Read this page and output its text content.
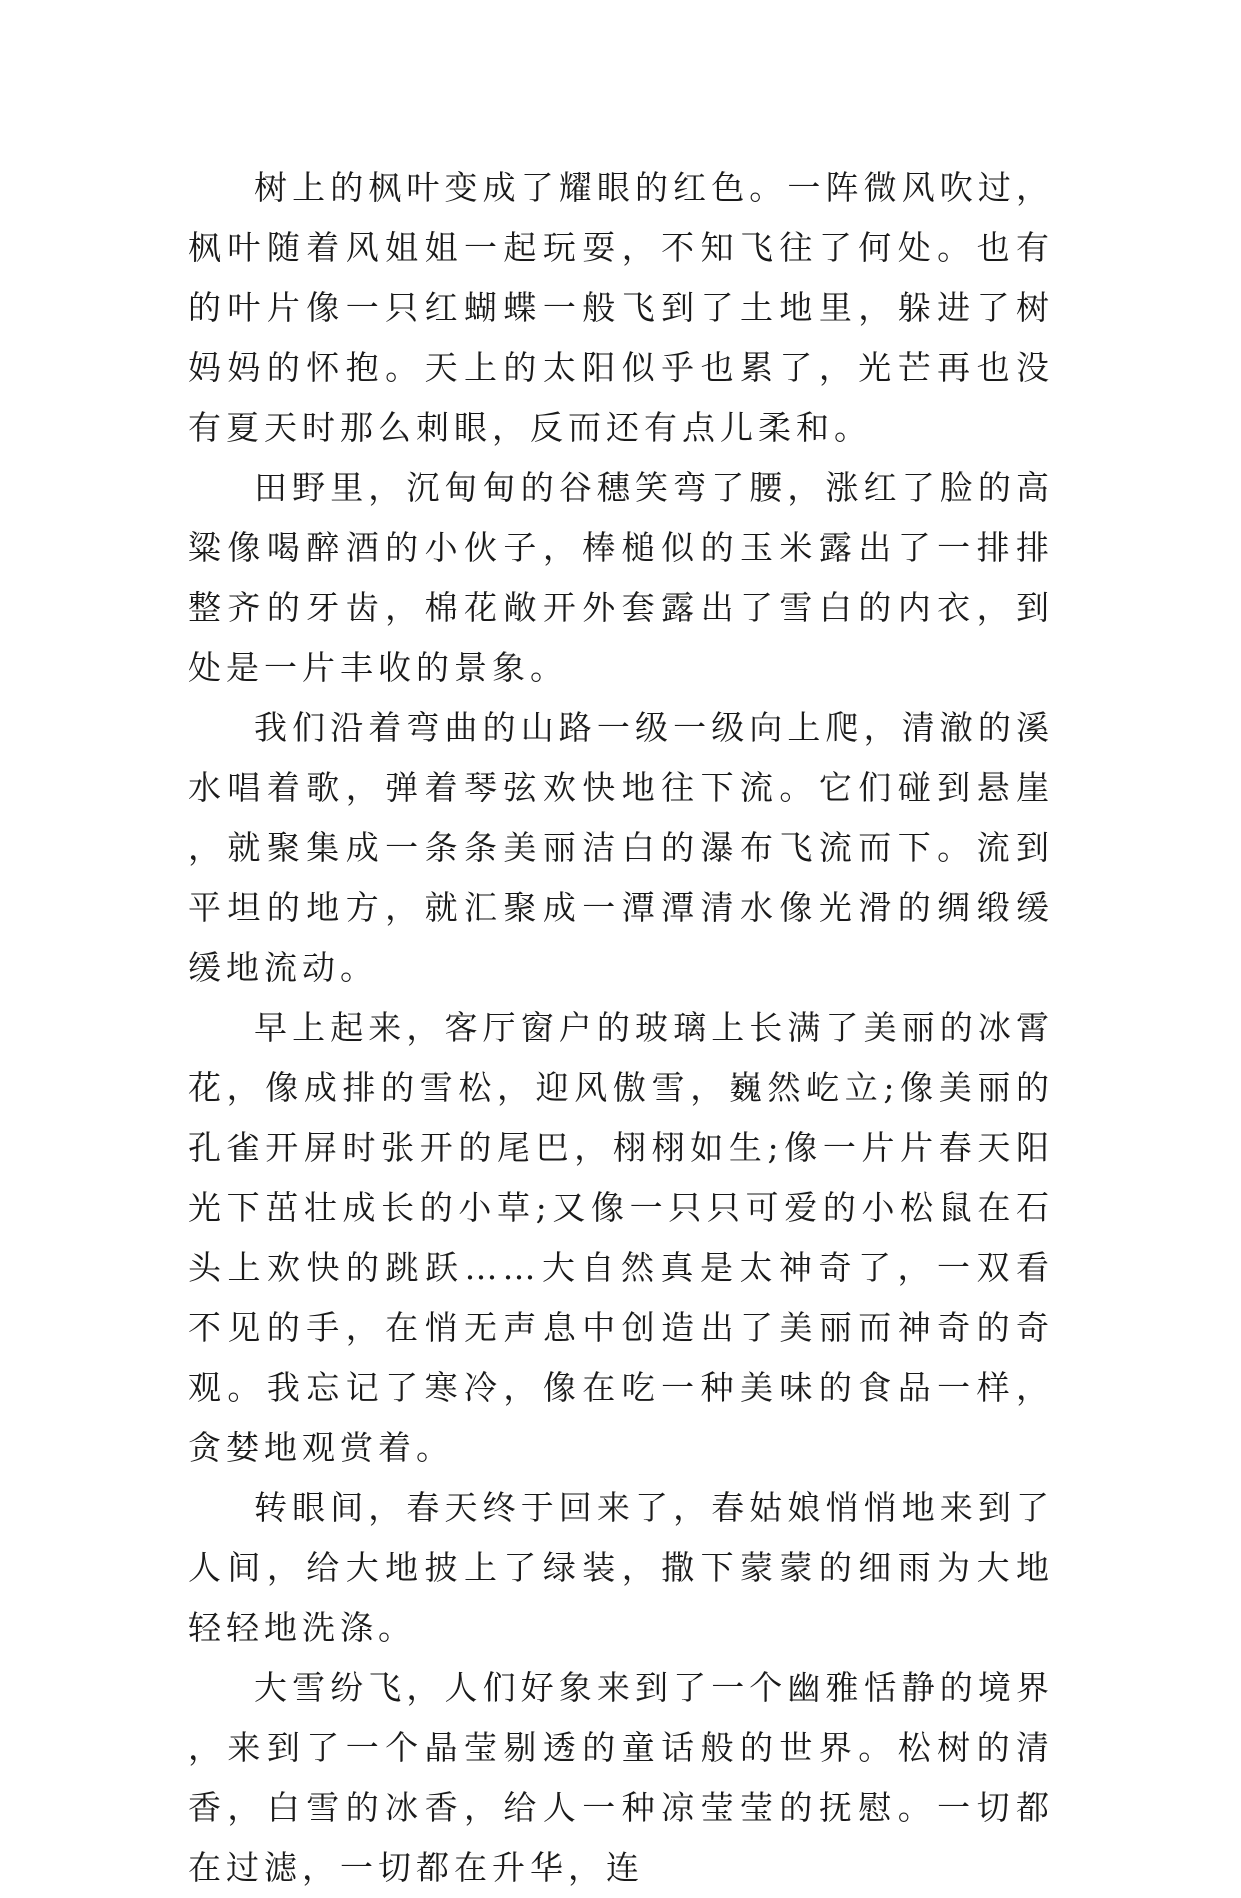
树上的枫叶变成了耀眼的红色。一阵微风吹过，枫叶随着风姐姐一起玩耍，不知飞往了何处。也有的叶片像一只红蝴蝶一般飞到了土地里，躲进了树妈妈的怀抱。天上的太阳似乎也累了，光芒再也没有夏天时那么刺眼，反而还有点儿柔和。

田野里，沉甸甸的谷穗笑弯了腰，涨红了脸的高粱像喝醉酒的小伙子，棒槌似的玉米露出了一排排整齐的牙齿，棉花敞开外套露出了雪白的内衣，到处是一片丰收的景象。

我们沿着弯曲的山路一级一级向上爬，清澈的溪水唱着歌，弹着琴弦欢快地往下流。它们碰到悬崖，就聚集成一条条美丽洁白的瀑布飞流而下。流到平坦的地方，就汇聚成一潭潭清水像光滑的绸缎缓缓地流动。

早上起来，客厅窗户的玻璃上长满了美丽的冰霄花，像成排的雪松，迎风傲雪，巍然屹立;像美丽的孔雀开屏时张开的尾巴，栩栩如生;像一片片春天阳光下茁壮成长的小草;又像一只只可爱的小松鼠在石头上欢快的跳跃……大自然真是太神奇了，一双看不见的手，在悄无声息中创造出了美丽而神奇的奇观。我忘记了寒冷，像在吃一种美味的食品一样，贪婪地观赏着。

转眼间，春天终于回来了，春姑娘悄悄地来到了人间，给大地披上了绿装，撒下蒙蒙的细雨为大地轻轻地洗涤。

大雪纷飞，人们好象来到了一个幽雅恬静的境界，来到了一个晶莹剔透的童话般的世界。松树的清香，白雪的冰香，给人一种凉莹莹的抚慰。一切都在过滤，一切都在升华，连
